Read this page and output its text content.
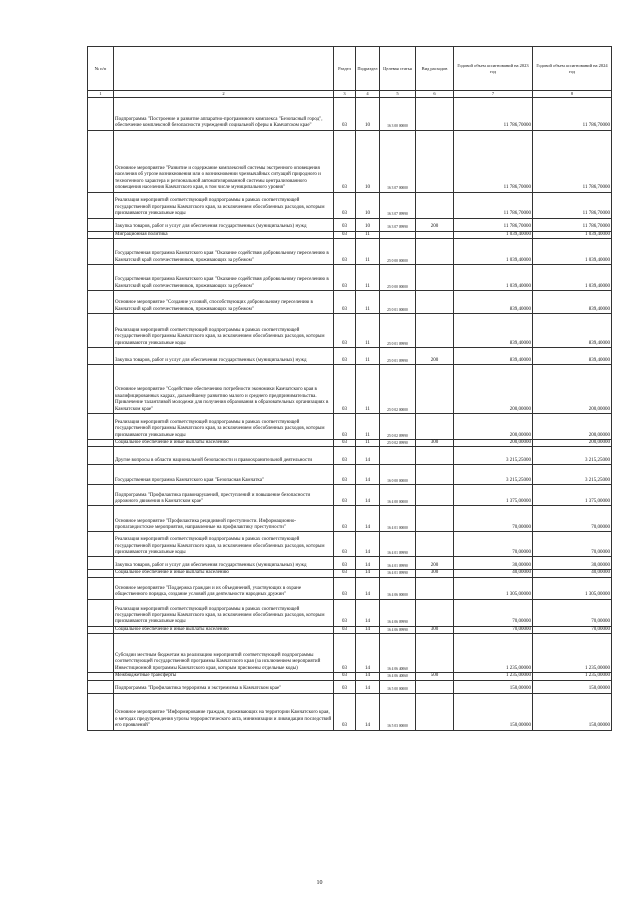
№ п/п		Раздел	Подраздел	Целевая статья	Вид расходов	Годовой объем ассигнований на 2023 год	Годовой объем ассигнований на 2024 год
1	2	3	4	5	6	7	8
	Подпрограмма "Построение и развитие аппаратно-программного комплекса "Безопасный город", обеспечение комплексной безопасности учреждений социальной сферы в Камчатском крае"	03	10	16 3 00 00000		11 786,70000	11 786,70000
	Основное мероприятие "Развитие и содержание комплексной системы экстренного оповещения населения об угрозе возникновения или о возникновении чрезвычайных ситуаций природного и техногенного характера и региональной автоматизированной системы централизованного оповещения населения Камчатского края, в том числе муниципального уровня"	03	10	16 3 07 00000		11 786,70000	11 786,70000
	Реализация мероприятий соответствующей подпрограммы в рамках соответствующей государственной программы Камчатского края, за исключением обособленных расходов, которым присваиваются уникальные коды	03	10	16 3 07 09990		11 786,70000	11 786,70000
	Закупка товаров, работ и услуг для обеспечения государственных (муниципальных) нужд	03	10	16 3 07 09990	200	11 786,70000	11 786,70000
	Миграционная политика	03	11			1 039,40000	1 039,40000
	Государственная программа Камчатского края "Оказание содействия добровольному переселению в Камчатский край соотечественников, проживающих за рубежом"	03	11	25 0 00 00000		1 039,40000	1 039,40000
	Государственная программа Камчатского края "Оказание содействия добровольному переселению в Камчатский край соотечественников, проживающих за рубежом"	03	11	25 0 00 00000		1 039,40000	1 039,40000
	Основное мероприятие "Создание условий, способствующих добровольному переселению в Камчатский край соотечественников, проживающих за рубежом"	03	11	25 0 01 00000		839,40000	839,40000
	Реализация мероприятий соответствующей подпрограммы в рамках соответствующей государственной программы Камчатского края, за исключением обособленных расходов, которым присваиваются уникальные коды	03	11	25 0 01 09990		839,40000	839,40000
	Закупка товаров, работ и услуг для обеспечения государственных (муниципальных) нужд	03	11	25 0 01 09990	200	839,40000	839,40000
	Основное мероприятие "Содействие обеспечению потребности экономики Камчатского края в квалифицированных кадрах, дальнейшему развитию малого и среднего предпринимательства. Привлечение талантливой молодежи для получения образования в образовательных организациях в Камчатском крае"	03	11	25 0 02 00000		200,00000	200,00000
	Реализация мероприятий соответствующей подпрограммы в рамках соответствующей государственной программы Камчатского края, за исключением обособленных расходов, которым присваиваются уникальные коды	03	11	25 0 02 09990		200,00000	200,00000
	Социальное обеспечение и иные выплаты населению	03	11	25 0 02 09990	300	200,00000	200,00000
	Другие вопросы в области национальной безопасности и правоохранительной деятельности	03	14			3 215,25000	3 215,25000
	Государственная программа Камчатского края "Безопасная Камчатка"	03	14	16 0 00 00000		3 215,25000	3 215,25000
	Подпрограмма "Профилактика правонарушений, преступлений и повышение безопасности дорожного движения в Камчатском крае"	03	14	16 4 00 00000		1 375,00000	1 375,00000
	Основное мероприятие "Профилактика рецидивной преступности. Информационно-пропагандистские мероприятия, направленные на профилактику преступности"	03	14	16 4 01 00000		70,00000	70,00000
	Реализация мероприятий соответствующей подпрограммы в рамках соответствующей государственной программы Камчатского края, за исключением обособленных расходов, которым присваиваются уникальные коды	03	14	16 4 01 09990		70,00000	70,00000
	Закупка товаров, работ и услуг для обеспечения государственных (муниципальных) нужд	03	14	16 4 01 09990	200	30,00000	30,00000
	Социальное обеспечение и иные выплаты населению	03	14	16 4 01 09990	300	40,00000	40,00000
	Основное мероприятие "Поддержка граждан и их объединений, участвующих в охране общественного порядка, создание условий для деятельности народных дружин"	03	14	16 4 06 00000		1 305,00000	1 305,00000
	Реализация мероприятий соответствующей подпрограммы в рамках соответствующей государственной программы Камчатского края, за исключением обособленных расходов, которым присваиваются уникальные коды	03	14	16 4 06 09990		70,00000	70,00000
	Социальное обеспечение и иные выплаты населению	03	14	16 4 06 09990	300	70,00000	70,00000
	Субсидии местным бюджетам на реализацию мероприятий соответствующей подпрограммы соответствующей государственной программы Камчатского края (за исключением мероприятий Инвестиционной программы Камчатского края, которым присвоены отдельные коды)	03	14	16 4 06 40060		1 235,00000	1 235,00000
	Межбюджетные трансферты	03	14	16 4 06 40060	500	1 235,00000	1 235,00000
	Подпрограмма "Профилактика терроризма и экстремизма в Камчатском крае"	03	14	16 5 00 00000		150,00000	150,00000
	Основное мероприятие "Информирование граждан, проживающих на территории Камчатского края, о методах предупреждения угрозы террористического акта, минимизации и ликвидации последствий его проявлений"	03	14	16 5 03 00000		150,00000	150,00000
10
